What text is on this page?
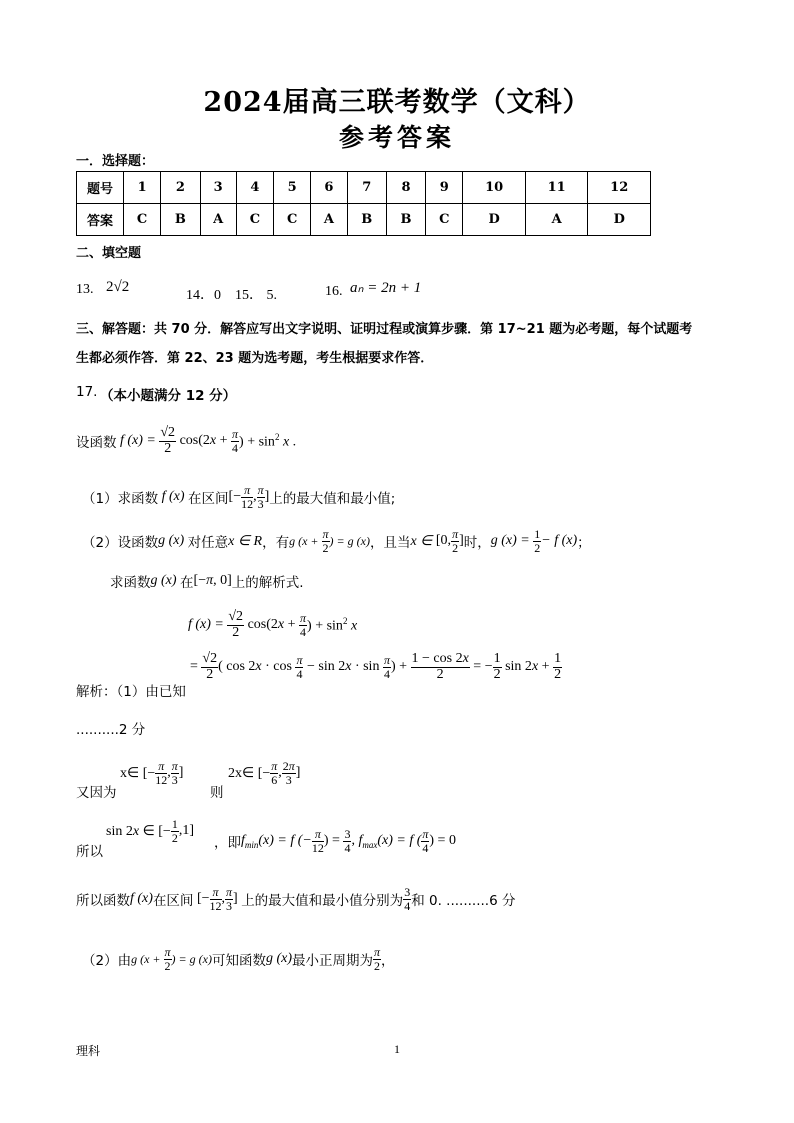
2024届高三联考数学（文科）
参考答案
一．选择题：
题号	1	2	3	4	5	6	7	8	9	10	11	12
答案	C	B	A	C	C	A	B	B	C	D	A	D
二、填空题
13. 2√2
14．0 15． 5.	16. aₙ = 2n + 1
三、解答题：共 70 分．解答应写出文字说明、证明过程或演算步骤．第 17~21 题为必考题，每个试题考
生都必须作答．第 22、23 题为选考题，考生根据要求作答．
17. （本小题满分 12 分）
设函数 f $(x) = \frac{√2}{2} \cos(2x + \frac{\pi}{4}$ ) + $\sin^2 x$ .
（1）求函数 f (x) 在区间 [− $\frac{\pi}{12}$ , $\frac{\pi}{3}$ ] 上的最大值和最小值;
（2）设函数 g (x) 对任意 x ∈ R ，有 g ($x + \frac{\pi}{2}$ ) = g (x) ，且当 x ∈ [0, $\frac{\pi}{2}$ ] 时， g $(x) = \frac{1}{2} - f$ (x) ；
求函数 g (x) 在 [−π, 0] 上的解析式.
f $(x) = \frac{√2}{2} \cos(2x + \frac{\pi}{4}$ ) + $\sin^2 x$
解析：（1）由已知
= $\frac{√2}{2}$ ( $\cos 2x \cdot \cos \frac{\pi}{4} - \sin 2x \cdot \sin \frac{\pi}{4}$ ) + $\frac{1 - \cos 2x}{2}$ = − $\frac{1}{2}$ $\sin 2x + \frac{1}{2}$
..........2 分
x∈ [− $\frac{\pi}{12}$ , $\frac{\pi}{3}$ ]	2x∈ [− $\frac{\pi}{6}$ , $\frac{2\pi}{3}$ ]
又因为	则
sin 2x ∈ [− $\frac{1}{2} ,1$]
所以
，即 $f_{min}(x) = f$ (− $\frac{\pi}{12}$ ) = $\frac{3}{4}$ , $f_{max}(x) = f$ ( $\frac{\pi}{4}$ ) = 0
所以函数 f (x) 在区间 [− $\frac{\pi}{12}$ , $\frac{\pi}{3}$ ] 上的最大值和最小值分别为 $\frac{3}{4}$ 和 0. ..........6 分
（2）由 g ($x + \frac{\pi}{2}$ ) = g (x) 可知函数 g (x) 最小正周期为 $\frac{\pi}{2}$ ，
理科	1
